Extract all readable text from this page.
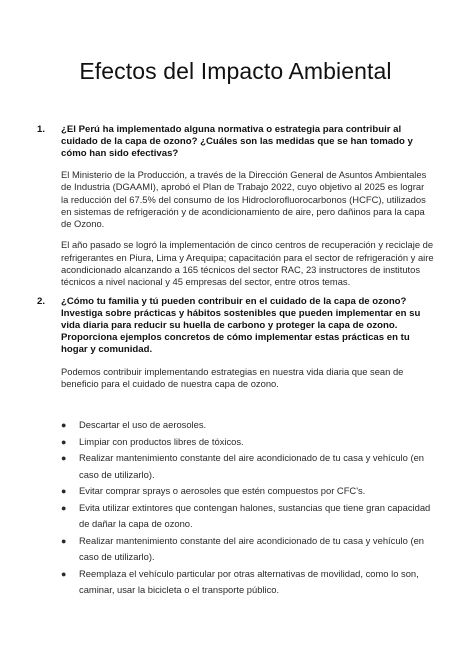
Efectos del Impacto Ambiental
1.	¿El Perú ha implementado alguna normativa o estrategia para contribuir al cuidado de la capa de ozono? ¿Cuáles son las medidas que se han tomado y cómo han sido efectivas?

El Ministerio de la Producción, a través de la Dirección General de Asuntos Ambientales de Industria (DGAAMI), aprobó el Plan de Trabajo 2022, cuyo objetivo al 2025 es lograr la reducción del 67.5% del consumo de los Hidroclorofluorocarbonos (HCFC), utilizados en sistemas de refrigeración y de acondicionamiento de aire, pero dañinos para la capa de Ozono.

El año pasado se logró la implementación de cinco centros de recuperación y reciclaje de refrigerantes en Piura, Lima y Arequipa; capacitación para el sector de refrigeración y aire acondicionado alcanzando a 165 técnicos del sector RAC, 23 instructores de institutos técnicos a nivel nacional y 45 empresas del sector, entre otros temas.

2.	¿Cómo tu familia y tú pueden contribuir en el cuidado de la capa de ozono? Investiga sobre prácticas y hábitos sostenibles que pueden implementar en su vida diaria para reducir su huella de carbono y proteger la capa de ozono. Proporciona ejemplos concretos de cómo implementar estas prácticas en tu hogar y comunidad.

Podemos contribuir implementando estrategias en nuestra vida diaria que sean de beneficio para el cuidado de nuestra capa de ozono.

●	Descartar el uso de aerosoles.
●	Limpiar con productos libres de tóxicos.
●	Realizar mantenimiento constante del aire acondicionado de tu casa y vehículo (en caso de utilizarlo).
●	Evitar comprar sprays o aerosoles que estén compuestos por CFC's.
●	Evita utilizar extintores que contengan halones, sustancias que tiene gran capacidad de dañar la capa de ozono.
●	Realizar mantenimiento constante del aire acondicionado de tu casa y vehículo (en caso de utilizarlo).
●	Reemplaza el vehículo particular por otras alternativas de movilidad, como lo son, caminar, usar la bicicleta o el transporte público.
